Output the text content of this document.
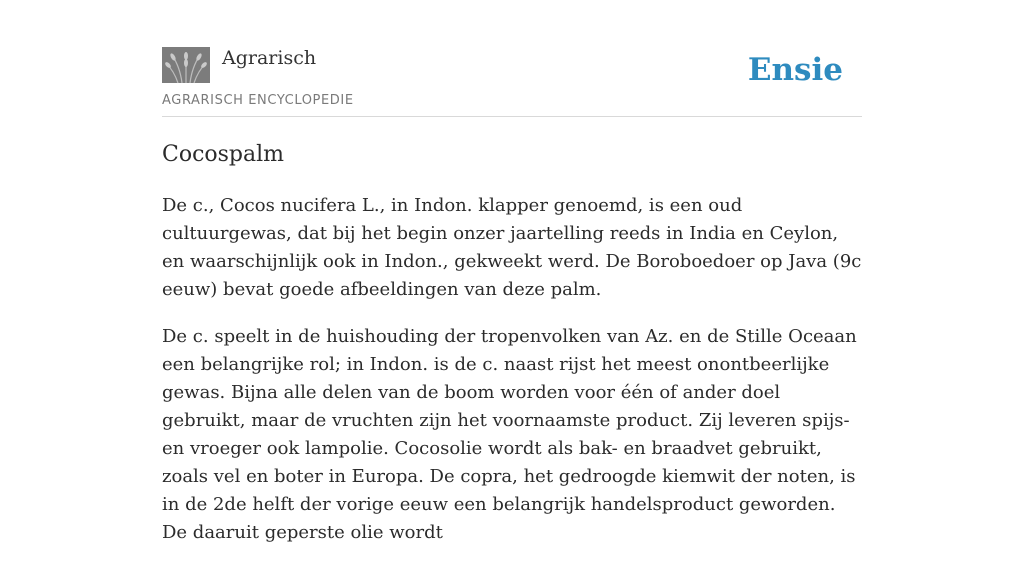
Agrarisch
AGRARISCH ENCYCLOPEDIE
Ensie
Cocospalm

De c., Cocos nucifera L., in Indon. klapper genoemd, is een oud cultuurgewas, dat bij het begin onzer jaartelling reeds in India en Ceylon, en waarschijnlijk ook in Indon., gekweekt werd. De Boroboedoer op Java (9c eeuw) bevat goede afbeeldingen van deze palm.

De c. speelt in de huishouding der tropenvolken van Az. en de Stille Oceaan een belangrijke rol; in Indon. is de c. naast rijst het meest onontbeerlijke gewas. Bijna alle delen van de boom worden voor één of ander doel gebruikt, maar de vruchten zijn het voornaamste product. Zij leveren spijs- en vroeger ook lampolie. Cocosolie wordt als bak- en braadvet gebruikt, zoals vel en boter in Europa. De copra, het gedroogde kiemwit der noten, is in de 2de helft der vorige eeuw een belangrijk handelsproduct geworden. De daaruit geperste olie wordt
